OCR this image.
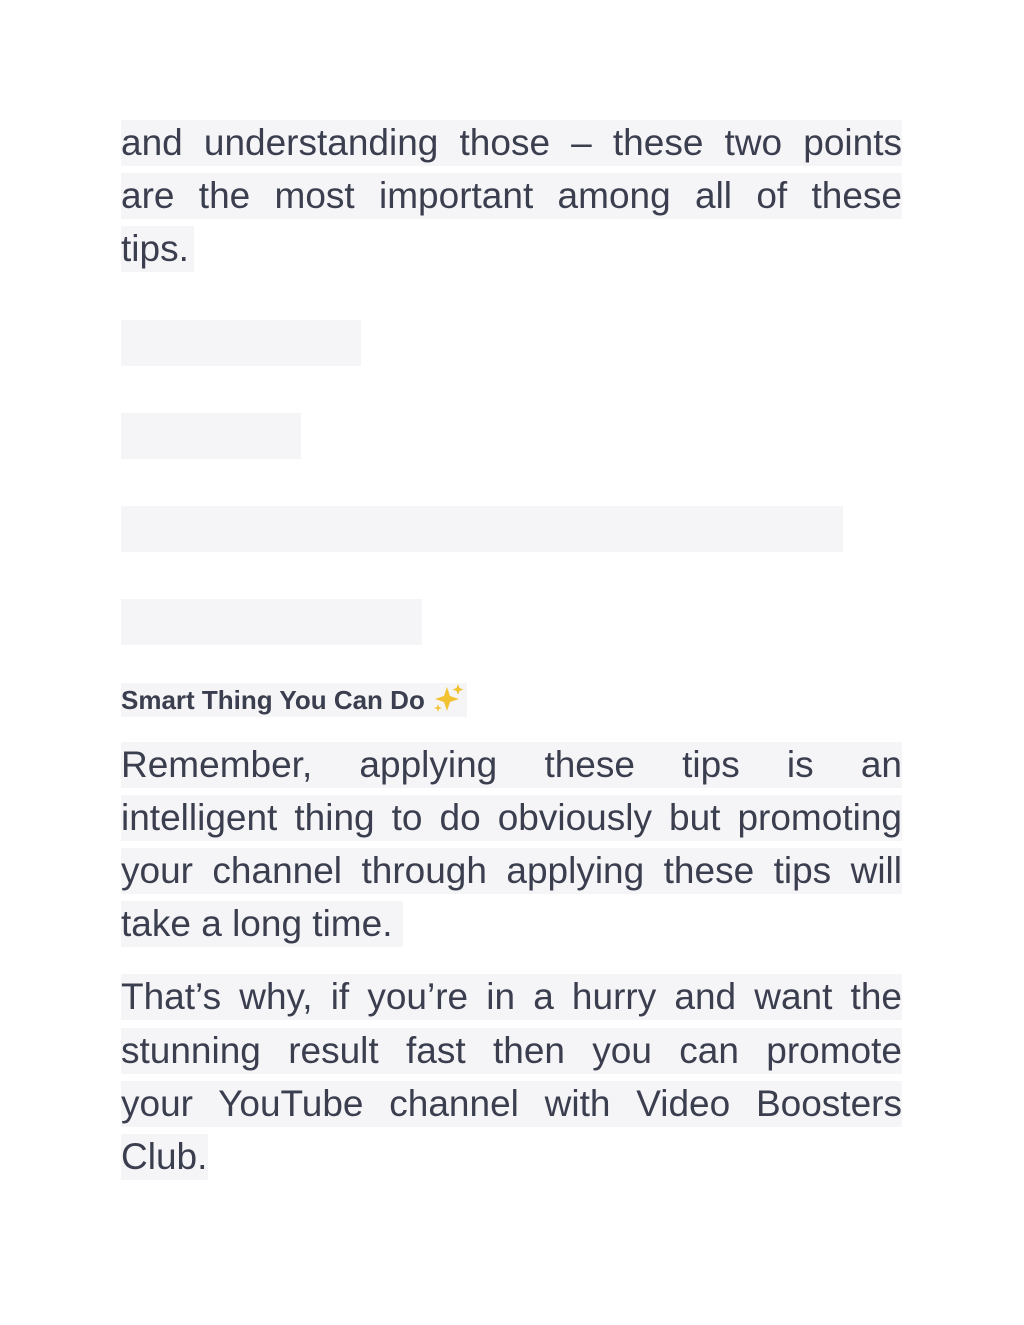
and understanding those – these two points
are the most important among all of these
tips.
Smart Thing You Can Do
Remember, applying these tips is an
intelligent thing to do obviously but promoting
your channel through applying these tips will
take a long time.
That’s why, if you’re in a hurry and want the
stunning result fast then you can promote
your YouTube channel with Video Boosters
Club.
